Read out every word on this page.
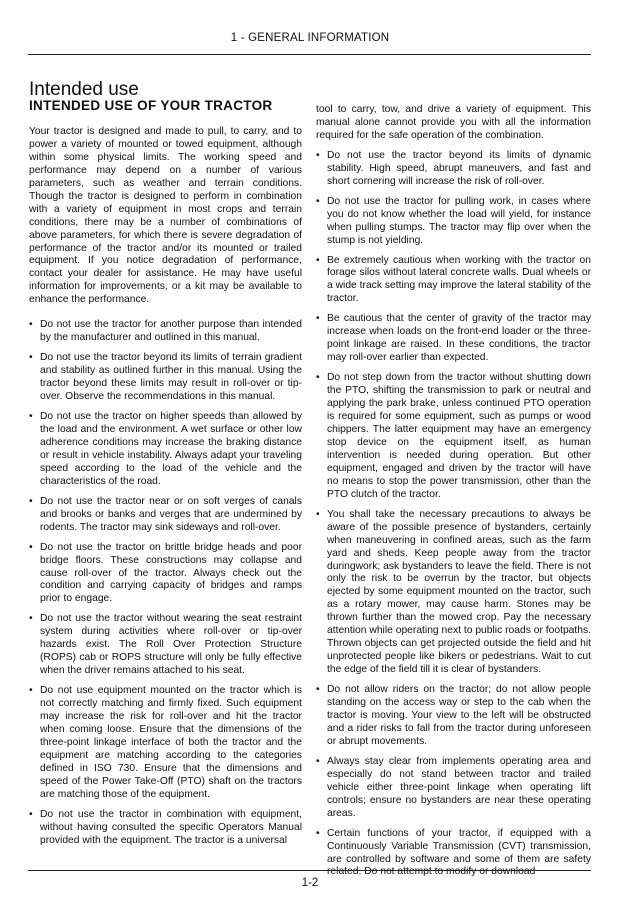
1 - GENERAL INFORMATION
Intended use
INTENDED USE OF YOUR TRACTOR

Your tractor is designed and made to pull, to carry, and to power a variety of mounted or towed equipment, although within some physical limits. The working speed and performance may depend on a number of various parameters, such as weather and terrain conditions. Though the tractor is designed to perform in combination with a variety of equipment in most crops and terrain conditions, there may be a number of combinations of above parameters, for which there is severe degradation of performance of the tractor and/or its mounted or trailed equipment. If you notice degradation of performance, contact your dealer for assistance. He may have useful information for improvements, or a kit may be available to enhance the performance.

• Do not use the tractor for another purpose than intended by the manufacturer and outlined in this manual.
• Do not use the tractor beyond its limits of terrain gradient and stability as outlined further in this manual. Using the tractor beyond these limits may result in roll-over or tip-over. Observe the recommendations in this manual.
• Do not use the tractor on higher speeds than allowed by the load and the environment. A wet surface or other low adherence conditions may increase the braking distance or result in vehicle instability. Always adapt your traveling speed according to the load of the vehicle and the characteristics of the road.
• Do not use the tractor near or on soft verges of canals and brooks or banks and verges that are undermined by rodents. The tractor may sink sideways and roll-over.
• Do not use the tractor on brittle bridge heads and poor bridge floors. These constructions may collapse and cause roll-over of the tractor. Always check out the condition and carrying capacity of bridges and ramps prior to engage.
• Do not use the tractor without wearing the seat restraint system during activities where roll-over or tip-over hazards exist. The Roll Over Protection Structure (ROPS) cab or ROPS structure will only be fully effective when the driver remains attached to his seat.
• Do not use equipment mounted on the tractor which is not correctly matching and firmly fixed. Such equipment may increase the risk for roll-over and hit the tractor when coming loose. Ensure that the dimensions of the three-point linkage interface of both the tractor and the equipment are matching according to the categories defined in ISO 730. Ensure that the dimensions and speed of the Power Take-Off (PTO) shaft on the tractors are matching those of the equipment.
• Do not use the tractor in combination with equipment, without having consulted the specific Operators Manual provided with the equipment. The tractor is a universal

tool to carry, tow, and drive a variety of equipment. This manual alone cannot provide you with all the information required for the safe operation of the combination.

• Do not use the tractor beyond its limits of dynamic stability. High speed, abrupt maneuvers, and fast and short cornering will increase the risk of roll-over.
• Do not use the tractor for pulling work, in cases where you do not know whether the load will yield, for instance when pulling stumps. The tractor may flip over when the stump is not yielding.
• Be extremely cautious when working with the tractor on forage silos without lateral concrete walls. Dual wheels or a wide track setting may improve the lateral stability of the tractor.
• Be cautious that the center of gravity of the tractor may increase when loads on the front-end loader or the three-point linkage are raised. In these conditions, the tractor may roll-over earlier than expected.
• Do not step down from the tractor without shutting down the PTO, shifting the transmission to park or neutral and applying the park brake, unless continued PTO operation is required for some equipment, such as pumps or wood chippers. The latter equipment may have an emergency stop device on the equipment itself, as human intervention is needed during operation. But other equipment, engaged and driven by the tractor will have no means to stop the power transmission, other than the PTO clutch of the tractor.
• You shall take the necessary precautions to always be aware of the possible presence of bystanders, certainly when maneuvering in confined areas, such as the farm yard and sheds. Keep people away from the tractor duringwork; ask bystanders to leave the field. There is not only the risk to be overrun by the tractor, but objects ejected by some equipment mounted on the tractor, such as a rotary mower, may cause harm. Stones may be thrown further than the mowed crop. Pay the necessary attention while operating next to public roads or footpaths. Thrown objects can get projected outside the field and hit unprotected people like bikers or pedestrians. Wait to cut the edge of the field till it is clear of bystanders.
• Do not allow riders on the tractor; do not allow people standing on the access way or step to the cab when the tractor is moving. Your view to the left will be obstructed and a rider risks to fall from the tractor during unforeseen or abrupt movements.
• Always stay clear from implements operating area and especially do not stand between tractor and trailed vehicle either three-point linkage when operating lift controls; ensure no bystanders are near these operating areas.
• Certain functions of your tractor, if equipped with a Continuously Variable Transmission (CVT) transmission, are controlled by software and some of them are safety related. Do not attempt to modify or download
1-2
